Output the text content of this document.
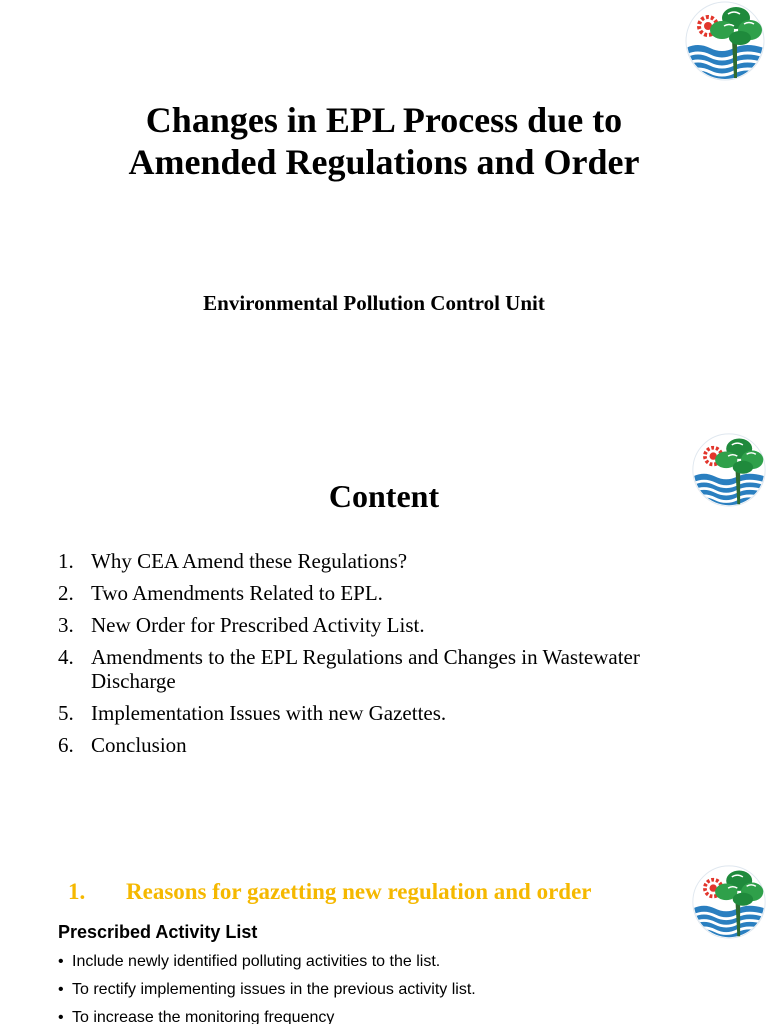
Changes in EPL Process due to
Amended Regulations and Order
Environmental Pollution Control Unit
Content
1. Why CEA Amend these Regulations?
2. Two Amendments Related to EPL.
3. New Order for Prescribed Activity List.
4. Amendments to the EPL Regulations and Changes in Wastewater Discharge
5. Implementation Issues with new Gazettes.
6. Conclusion
1. Reasons for gazetting new regulation and order
Prescribed Activity List
• Include newly identified polluting activities to the list.
• To rectify implementing issues in the previous activity list.
• To increase the monitoring frequency
